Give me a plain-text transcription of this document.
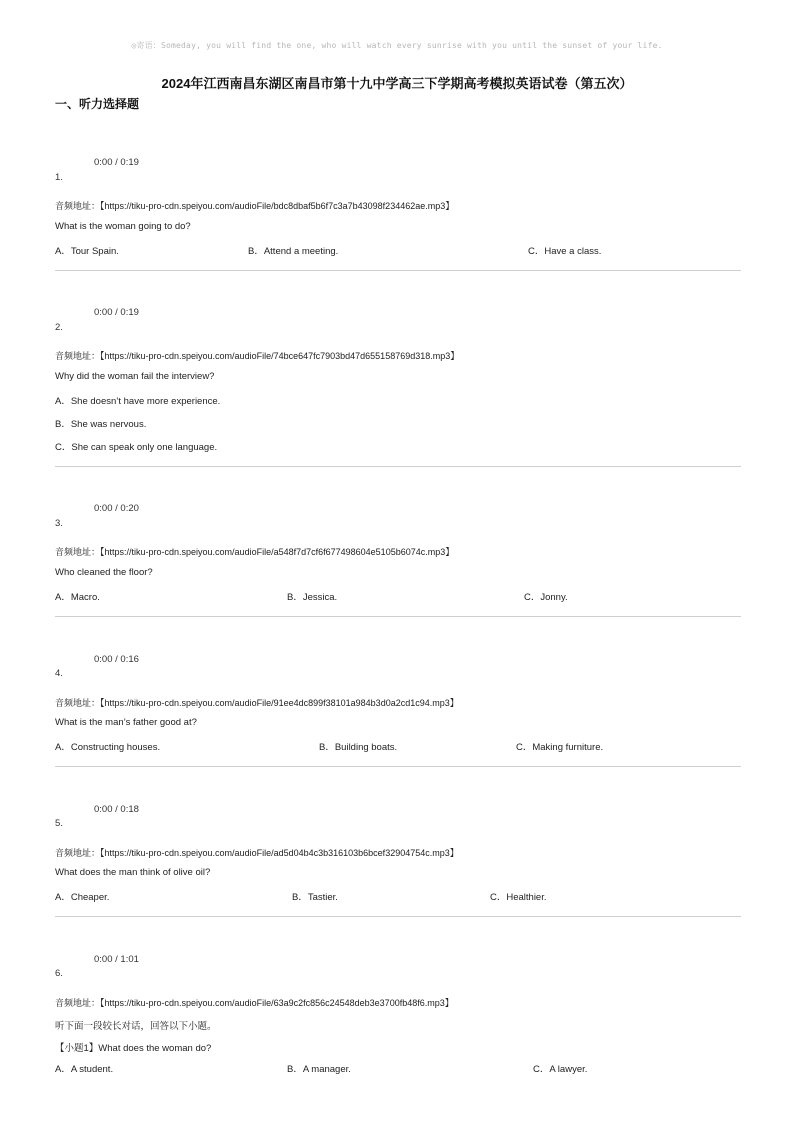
◎寄语：Someday, you will find the one, who will watch every sunrise with you until the sunset of your life.
2024年江西南昌东湖区南昌市第十九中学高三下学期高考模拟英语试卷（第五次）
一、听力选择题
0:00 / 0:19
1.
音频地址：【https://tiku-pro-cdn.speiyou.com/audioFile/bdc8dbaf5b6f7c3a7b43098f234462ae.mp3】
What is the woman going to do?
A．Tour Spain.	B．Attend a meeting.	C．Have a class.
0:00 / 0:19
2.
音频地址：【https://tiku-pro-cdn.speiyou.com/audioFile/74bce647fc7903bd47d655158769d318.mp3】
Why did the woman fail the interview?
A．She doesn’t have more experience.
B．She was nervous.
C．She can speak only one language.
0:00 / 0:20
3.
音频地址：【https://tiku-pro-cdn.speiyou.com/audioFile/a548f7d7cf6f677498604e5105b6074c.mp3】
Who cleaned the floor?
A．Macro.	B．Jessica.	C．Jonny.
0:00 / 0:16
4.
音频地址：【https://tiku-pro-cdn.speiyou.com/audioFile/91ee4dc899f38101a984b3d0a2cd1c94.mp3】
What is the man’s father good at?
A．Constructing houses.	B．Building boats.	C．Making furniture.
0:00 / 0:18
5.
音频地址：【https://tiku-pro-cdn.speiyou.com/audioFile/ad5d04b4c3b316103b6bcef32904754c.mp3】
What does the man think of olive oil?
A．Cheaper.	B．Tastier.	C．Healthier.
0:00 / 1:01
6.
音频地址：【https://tiku-pro-cdn.speiyou.com/audioFile/63a9c2fc856c24548deb3e3700fb48f6.mp3】
听下面一段较长对话，回答以下小题。
【小题1】What does the woman do?
A．A student.	B．A manager.	C．A lawyer.
